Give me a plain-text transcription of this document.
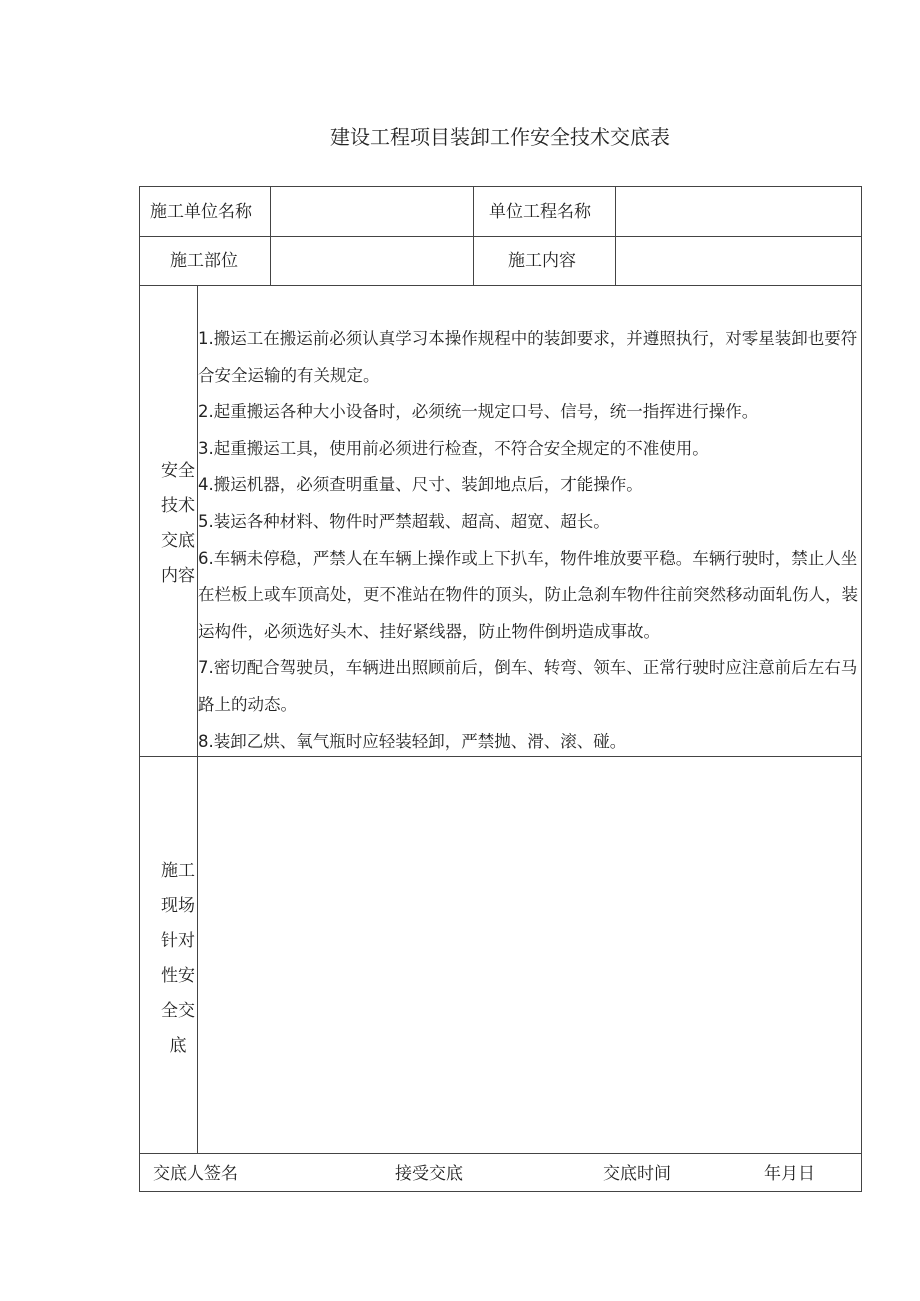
建设工程项目装卸工作安全技术交底表
施工单位名称	单位工程名称
施工部位	施工内容
安全
技术
交底
内容

1.搬运工在搬运前必须认真学习本操作规程中的装卸要求，并遵照执行，对零星装卸也要符合安全运输的有关规定。

2.起重搬运各种大小设备时，必须统一规定口号、信号，统一指挥进行操作。

3.起重搬运工具，使用前必须进行检查，不符合安全规定的不准使用。

4.搬运机器，必须查明重量、尺寸、装卸地点后，才能操作。

5.装运各种材料、物件时严禁超载、超高、超宽、超长。

6.车辆未停稳，严禁人在车辆上操作或上下扒车，物件堆放要平稳。车辆行驶时，禁止人坐在栏板上或车顶高处，更不准站在物件的顶头，防止急刹车物件往前突然移动面轧伤人，装运构件，必须选好头木、挂好紧线器，防止物件倒坍造成事故。

7.密切配合驾驶员，车辆进出照顾前后，倒车、转弯、领车、正常行驶时应注意前后左右马路上的动态。

8.装卸乙烘、氧气瓶时应轻装轻卸，严禁抛、滑、滚、碰。

施工
现场
针对
性安
全交
底
交底人签名	接受交底	交底时间	年月日
